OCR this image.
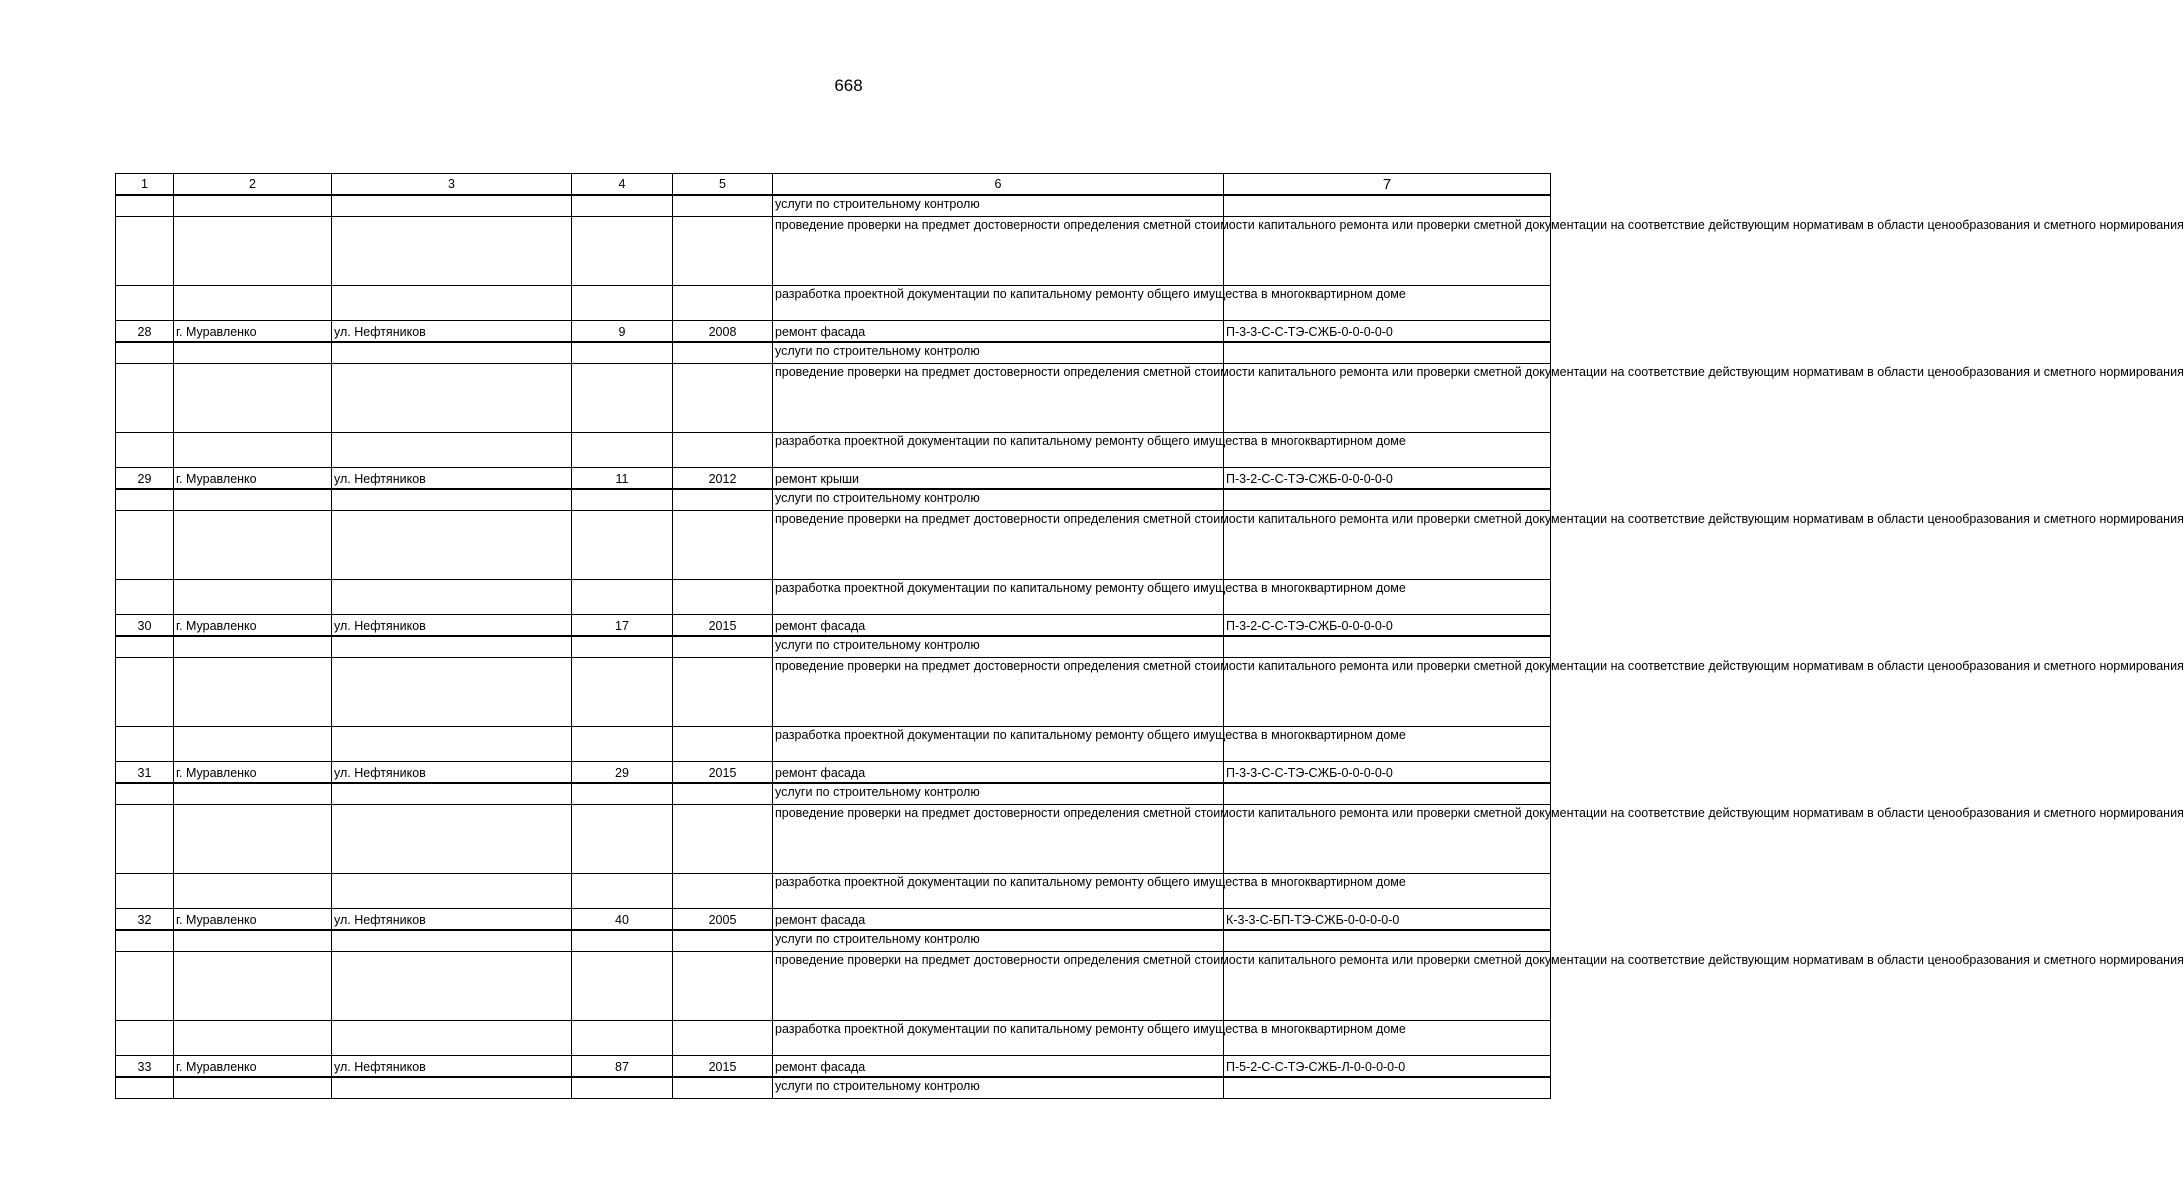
668
1	2	3	4	5	6	7
					услуги по строительному контролю	
					проведение проверки на предмет достоверности определения сметной стоимости капитального ремонта или проверки сметной документации на соответствие действующим нормативам в области ценообразования и сметного нормирования	
					разработка проектной документации по капитальному ремонту общего имущества в многоквартирном доме	
28	г. Муравленко	ул. Нефтяников	9	2008	ремонт фасада	П-3-3-С-С-ТЭ-СЖБ-0-0-0-0-0
					услуги по строительному контролю	
					проведение проверки на предмет достоверности определения сметной стоимости капитального ремонта или проверки сметной документации на соответствие действующим нормативам в области ценообразования и сметного нормирования	
					разработка проектной документации по капитальному ремонту общего имущества в многоквартирном доме	
29	г. Муравленко	ул. Нефтяников	11	2012	ремонт крыши	П-3-2-С-С-ТЭ-СЖБ-0-0-0-0-0
					услуги по строительному контролю	
					проведение проверки на предмет достоверности определения сметной стоимости капитального ремонта или проверки сметной документации на соответствие действующим нормативам в области ценообразования и сметного нормирования	
					разработка проектной документации по капитальному ремонту общего имущества в многоквартирном доме	
30	г. Муравленко	ул. Нефтяников	17	2015	ремонт фасада	П-3-2-С-С-ТЭ-СЖБ-0-0-0-0-0
					услуги по строительному контролю	
					проведение проверки на предмет достоверности определения сметной стоимости капитального ремонта или проверки сметной документации на соответствие действующим нормативам в области ценообразования и сметного нормирования	
					разработка проектной документации по капитальному ремонту общего имущества в многоквартирном доме	
31	г. Муравленко	ул. Нефтяников	29	2015	ремонт фасада	П-3-3-С-С-ТЭ-СЖБ-0-0-0-0-0
					услуги по строительному контролю	
					проведение проверки на предмет достоверности определения сметной стоимости капитального ремонта или проверки сметной документации на соответствие действующим нормативам в области ценообразования и сметного нормирования	
					разработка проектной документации по капитальному ремонту общего имущества в многоквартирном доме	
32	г. Муравленко	ул. Нефтяников	40	2005	ремонт фасада	К-3-3-С-БП-ТЭ-СЖБ-0-0-0-0-0
					услуги по строительному контролю	
					проведение проверки на предмет достоверности определения сметной стоимости капитального ремонта или проверки сметной документации на соответствие действующим нормативам в области ценообразования и сметного нормирования	
					разработка проектной документации по капитальному ремонту общего имущества в многоквартирном доме	
33	г. Муравленко	ул. Нефтяников	87	2015	ремонт фасада	П-5-2-С-С-ТЭ-СЖБ-Л-0-0-0-0-0
					услуги по строительному контролю	
